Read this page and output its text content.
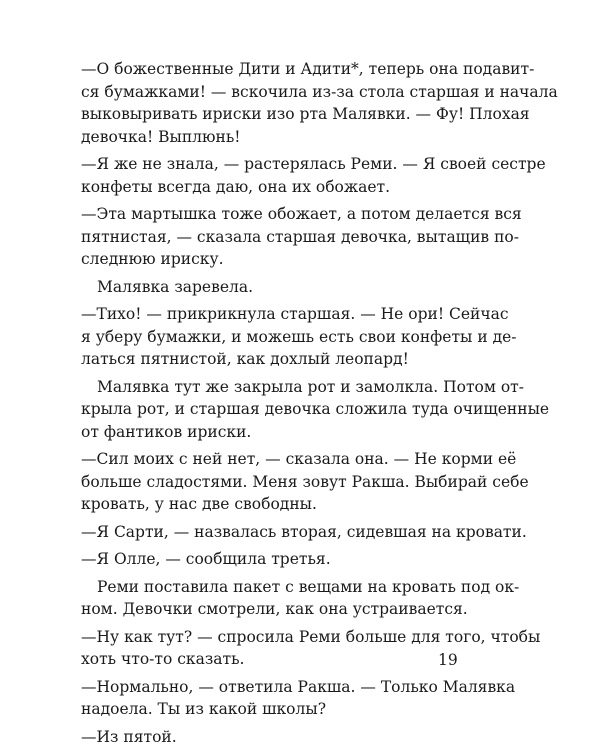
—О божественные Дити и Адити*, теперь она подавит-
ся бумажками! — вскочила из-за стола старшая и начала
выковыривать ириски изо рта Малявки. — Фу! Плохая
девочка! Выплюнь!
—Я же не знала, — растерялась Реми. — Я своей сестре
конфеты всегда даю, она их обожает.
—Эта мартышка тоже обожает, а потом делается вся
пятнистая, — сказала старшая девочка, вытащив по-
следнюю ириску.
Малявка заревела.
—Тихо! — прикрикнула старшая. — Не ори! Сейчас
я уберу бумажки, и можешь есть свои конфеты и де-
латься пятнистой, как дохлый леопард!
Малявка тут же закрыла рот и замолкла. Потом от-
крыла рот, и старшая девочка сложила туда очищенные
от фантиков ириски.
—Сил моих с ней нет, — сказала она. — Не корми её
больше сладостями. Меня зовут Ракша. Выбирай себе
кровать, у нас две свободны.
—Я Сарти, — назвалась вторая, сидевшая на кровати.
—Я Олле, — сообщила третья.
Реми поставила пакет с вещами на кровать под ок-
ном. Девочки смотрели, как она устраивается.
—Ну как тут? — спросила Реми больше для того, чтобы
хоть что-то сказать.
—Нормально, — ответила Ракша. — Только Малявка
надоела. Ты из какой школы?
—Из пятой.
19
